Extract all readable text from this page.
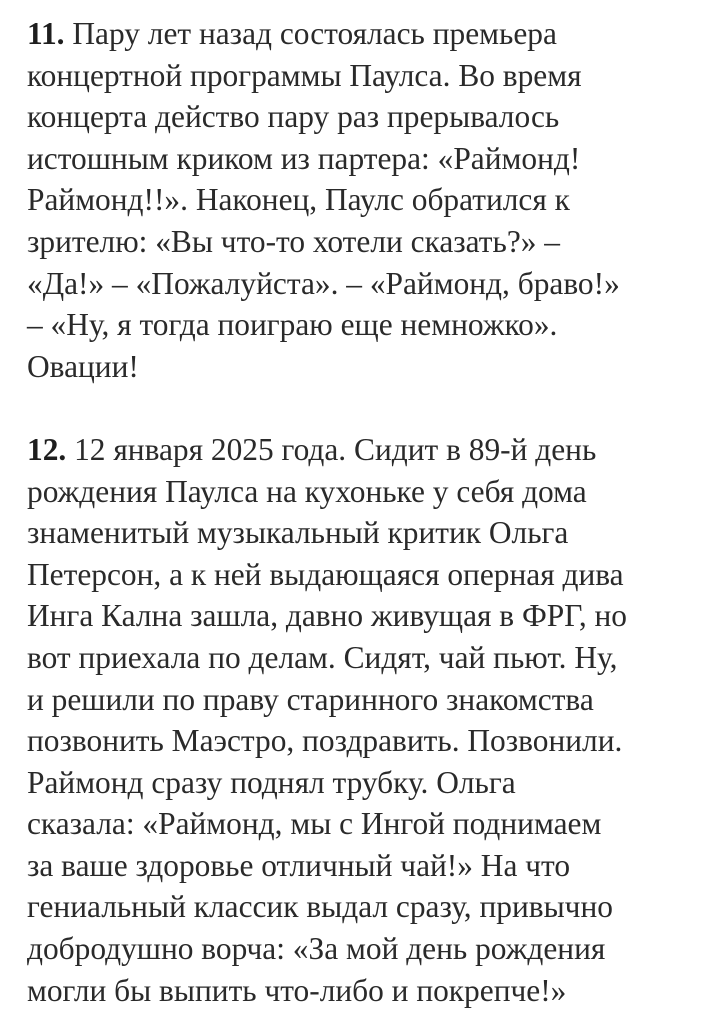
11. Пару лет назад состоялась премьера
концертной программы Паулса. Во время
концерта действо пару раз прерывалось
истошным криком из партера: «Раймонд!
Раймонд!!». Наконец, Паулс обратился к
зрителю: «Вы что-то хотели сказать?» –
«Да!» – «Пожалуйста». – «Раймонд, браво!»
– «Ну, я тогда поиграю еще немножко».
Овации!

12. 12 января 2025 года. Сидит в 89-й день
рождения Паулса на кухоньке у себя дома
знаменитый музыкальный критик Ольга
Петерсон, а к ней выдающаяся оперная дива
Инга Кална зашла, давно живущая в ФРГ, но
вот приехала по делам. Сидят, чай пьют. Ну,
и решили по праву старинного знакомства
позвонить Маэстро, поздравить. Позвонили.
Раймонд сразу поднял трубку. Ольга
сказала: «Раймонд, мы с Ингой поднимаем
за ваше здоровье отличный чай!» На что
гениальный классик выдал сразу, привычно
добродушно ворча: «За мой день рождения
могли бы выпить что-либо и покрепче!»
